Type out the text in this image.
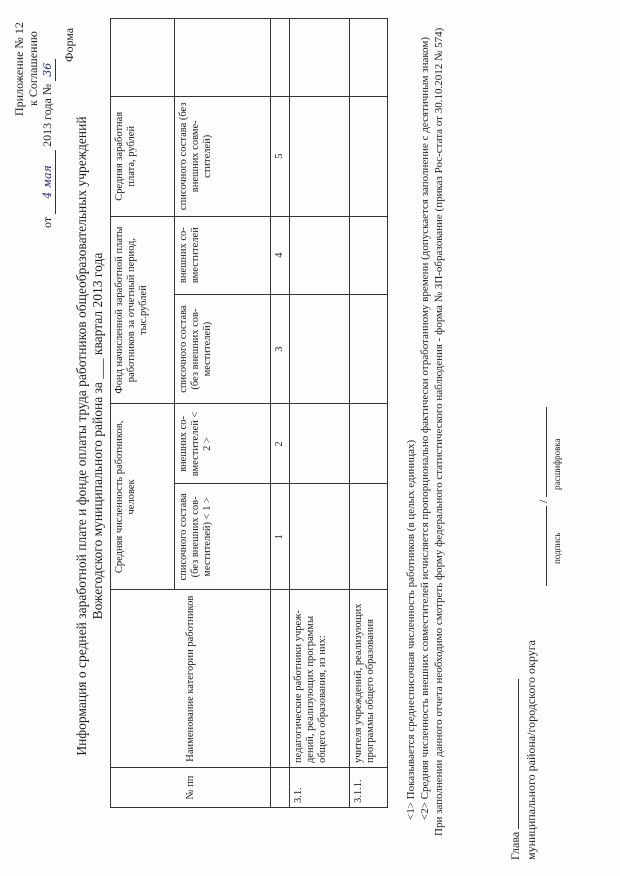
Приложение № 12 к Соглашению
от 4 мая 2013 года № 36
Форма
Информация о средней заработной плате и фонде оплаты труда работников общеобразовательных учреждений Вожегодского муниципального района за ___ квартал 2013 года
№ пп	Наименование категории работников	Средняя численность работников, человек		Фонд начисленной заработной платы работников за отчетный период, тыс.рублей		Средняя заработная плата, рублей	
		списочного состава (без внешних сов-местителей) < 1 >	внешних со-вместителей < 2 >	списочного состава (без внешних сов-местителей)	внешних со-вместителей	списочного состава (без внешних совме-стителей)	
		1	2	3	4	5	
3.1.	педагогические работники учреж-дений, реализующих программы общего образования, из них:						
3.1.1.	учителя учреждений, реализующих программы общего образования							<1> Показывается среднесписочная численность работников (в целых единицах) <2> Средняя численность внешних совместителей исчисляется пропорционально фактически отработанному времени (допускается заполнение с десятичным знаком) При заполнении данного отчета необходимо смотреть форму федерального статистического наблюдения - форма № ЗП-образование (приказ Рос-стата от 30.10.2012 № 574)
Глава муниципального района/городского округа
/
подпись
расшифровка
